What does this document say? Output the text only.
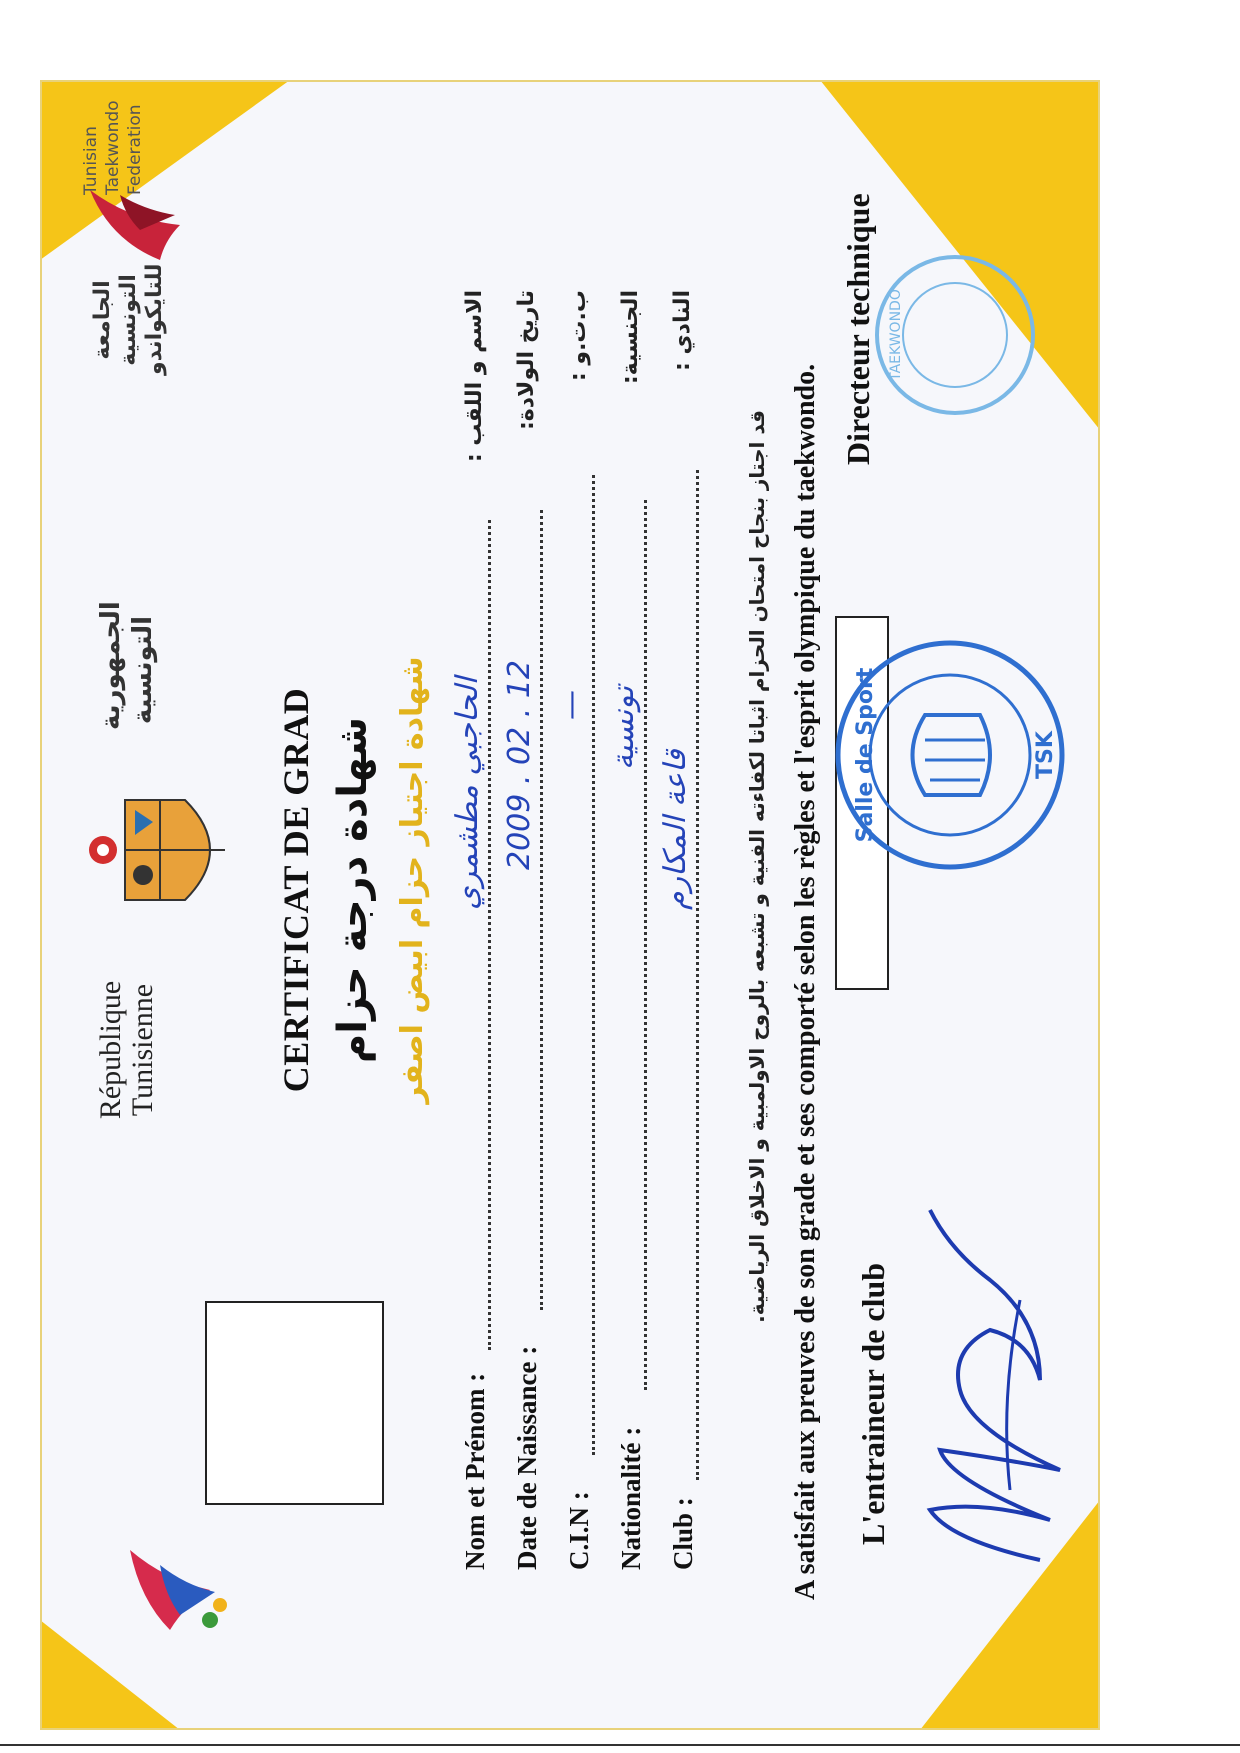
République Tunisienne
الجمهورية التونسية
الجامعة التونسية للتايكواندو
Tunisian Taekwondo Federation
CERTIFICAT DE GRAD شهادة درجة حزام شهادة اجتياز حزام ابيض اصفر
Nom et Prénom :
الحاجبي مطشمري
الاسم و اللقب :
Date de Naissance :
2009 . 02 . 12
تاريخ الولادة:
C.I.N :
—
ب.ت.و :
Nationalité :
تونسية
الجنسية:
Club :
قاعة المكارم
النادي :
قد اجتاز بنجاح امتحان الحزام اثباتا لكفاءته الفنية و تشبعه بالروح الاولمبية و الاخلاق الرياضية. A satisfait aux preuves de son grade et ses comporté selon les règles et l'esprit olympique du taekwondo. L'entraineur de club
Directeur technique
Salle de Sport	TSK
TAEKWONDO
